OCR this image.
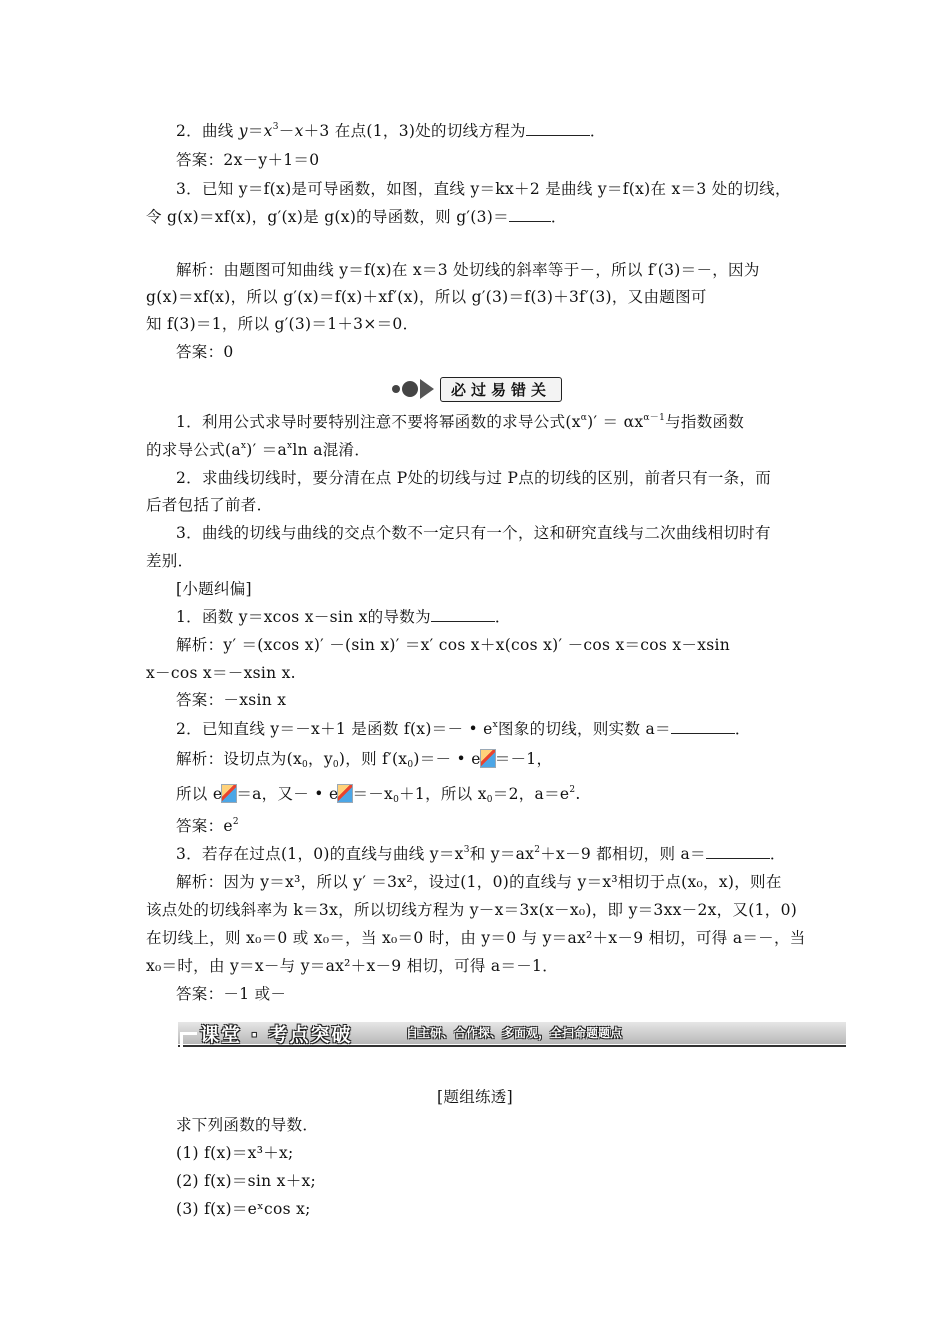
2．曲线 $y=x^3-x+3$ 在点(1，3)处的切线方程为	．
答案：2x－y＋1＝0
3．已知 y＝f(x)是可导函数，如图，直线 y＝kx＋2 是曲线 y＝f(x)在 x＝3 处的切线，
令 g(x)＝xf(x)，g′(x)是 g(x)的导函数，则 g′(3)＝	．
解析：由题图可知曲线 y＝f(x)在 x＝3 处切线的斜率等于－，所以 f′(3)＝－，因为
g(x)＝xf(x)，所以 g′(x)＝f(x)＋xf′(x)，所以 g′(3)＝f(3)＋3f′(3)，又由题图可
知 f(3)＝1，所以 g′(3)＝1＋3×＝0．
答案：0
必过易错关
1．利用公式求导时要特别注意不要将幂函数的求导公式$(x^\alpha)' = \alpha x^{\alpha-1}$与指数函数
的求导公式$(a^x)' =a^x\ln$ a混淆．
2．求曲线切线时，要分清在点 P处的切线与过 P点的切线的区别，前者只有一条，而
后者包括了前者．
3．曲线的切线与曲线的交点个数不一定只有一个，这和研究直线与二次曲线相切时有
差别．
[小题纠偏]
1．函数 y＝xcos x－sin x的导数为	．
解析：y′ ＝(xcos x)′ －(sin x)′ ＝x′ cos x＋x(cos x)′ －cos x＝cos x－xsin
x－cos x＝－xsin x.
答案：－xsin x
2．已知直线 y＝－x＋1 是函数 f(x)＝－ • $e^x$图象的切线，则实数 a＝	．
解析：设切点为($x_0$，$y_0$)，则 $f'(x_0)=-$ • e ＝－1，
所以 e ＝a，又－ • $e =-x_0+1$，所以 $x_0=2$，$a=e^2$.
答案：$e^2$
3．若存在过点(1，0)的直线与曲线 $y=x^3$和 $y=ax^2+x-9$ 都相切，则 a＝	．
解析：因为 y＝x³，所以 y′ ＝3x²，设过(1，0)的直线与 y＝x³相切于点(x₀，x)，则在
该点处的切线斜率为 k＝3x，所以切线方程为 y－x＝3x(x－x₀)，即 y＝3xx－2x，又(1，0)
在切线上，则 x₀＝0 或 x₀＝，当 x₀＝0 时，由 y＝0 与 y＝ax²＋x－9 相切，可得 a＝－，当
x₀＝时，由 y＝x－与 y＝ax²＋x－9 相切，可得 a＝－1．
答案：－1 或－
课堂 · 考点突破	自主研、合作探、多面观，全扫命题题点
[题组练透]
求下列函数的导数．
(1) f(x)＝x³＋x;
(2) f(x)＝sin x＋x;
(3) f(x)＝eˣcos x;
